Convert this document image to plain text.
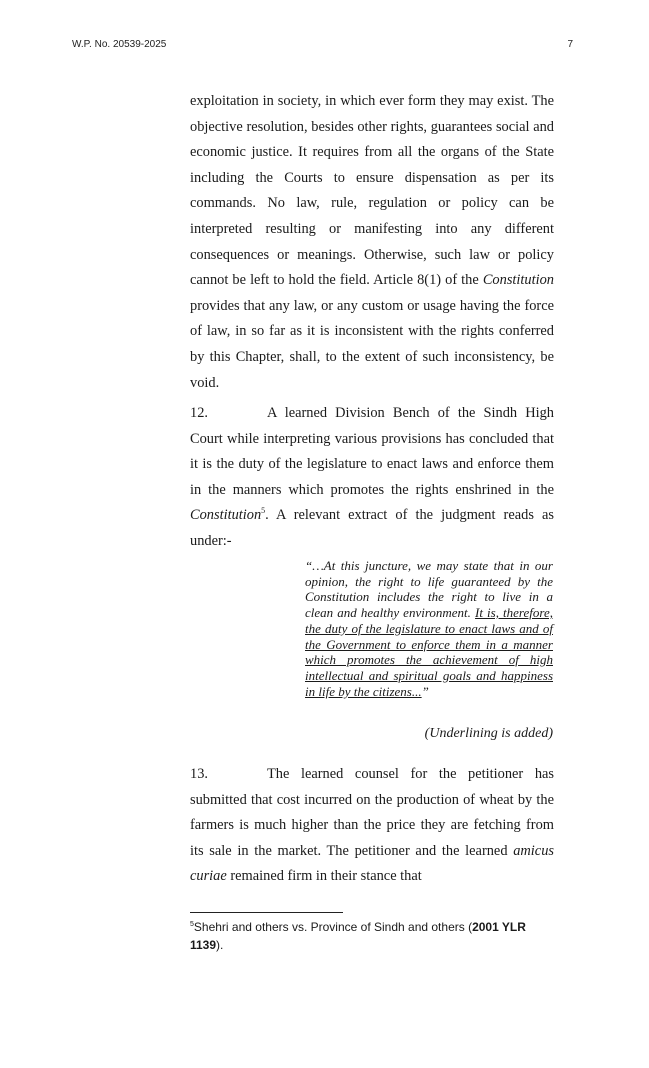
W.P. No. 20539-2025	7

exploitation in society, in which ever form they may exist. The objective resolution, besides other rights, guarantees social and economic justice. It requires from all the organs of the State including the Courts to ensure dispensation as per its commands. No law, rule, regulation or policy can be interpreted resulting or manifesting into any different consequences or meanings. Otherwise, such law or policy cannot be left to hold the field. Article 8(1) of the Constitution provides that any law, or any custom or usage having the force of law, in so far as it is inconsistent with the rights conferred by this Chapter, shall, to the extent of such inconsistency, be void.

12.	A learned Division Bench of the Sindh High Court while interpreting various provisions has concluded that it is the duty of the legislature to enact laws and enforce them in the manners which promotes the rights enshrined in the Constitution$^5$. A relevant extract of the judgment reads as under:-

“…At this juncture, we may state that in our opinion, the right to life guaranteed by the Constitution includes the right to live in a clean and healthy environment. It is, therefore, the duty of the legislature to enact laws and of the Government to enforce them in a manner which promotes the achievement of high intellectual and spiritual goals and happiness in life by the citizens...”

(Underlining is added)

13.	The learned counsel for the petitioner has submitted that cost incurred on the production of wheat by the farmers is much higher than the price they are fetching from its sale in the market. The petitioner and the learned amicus curiae remained firm in their stance that

$^5$Shehri and others vs. Province of Sindh and others (2001 YLR 1139).
